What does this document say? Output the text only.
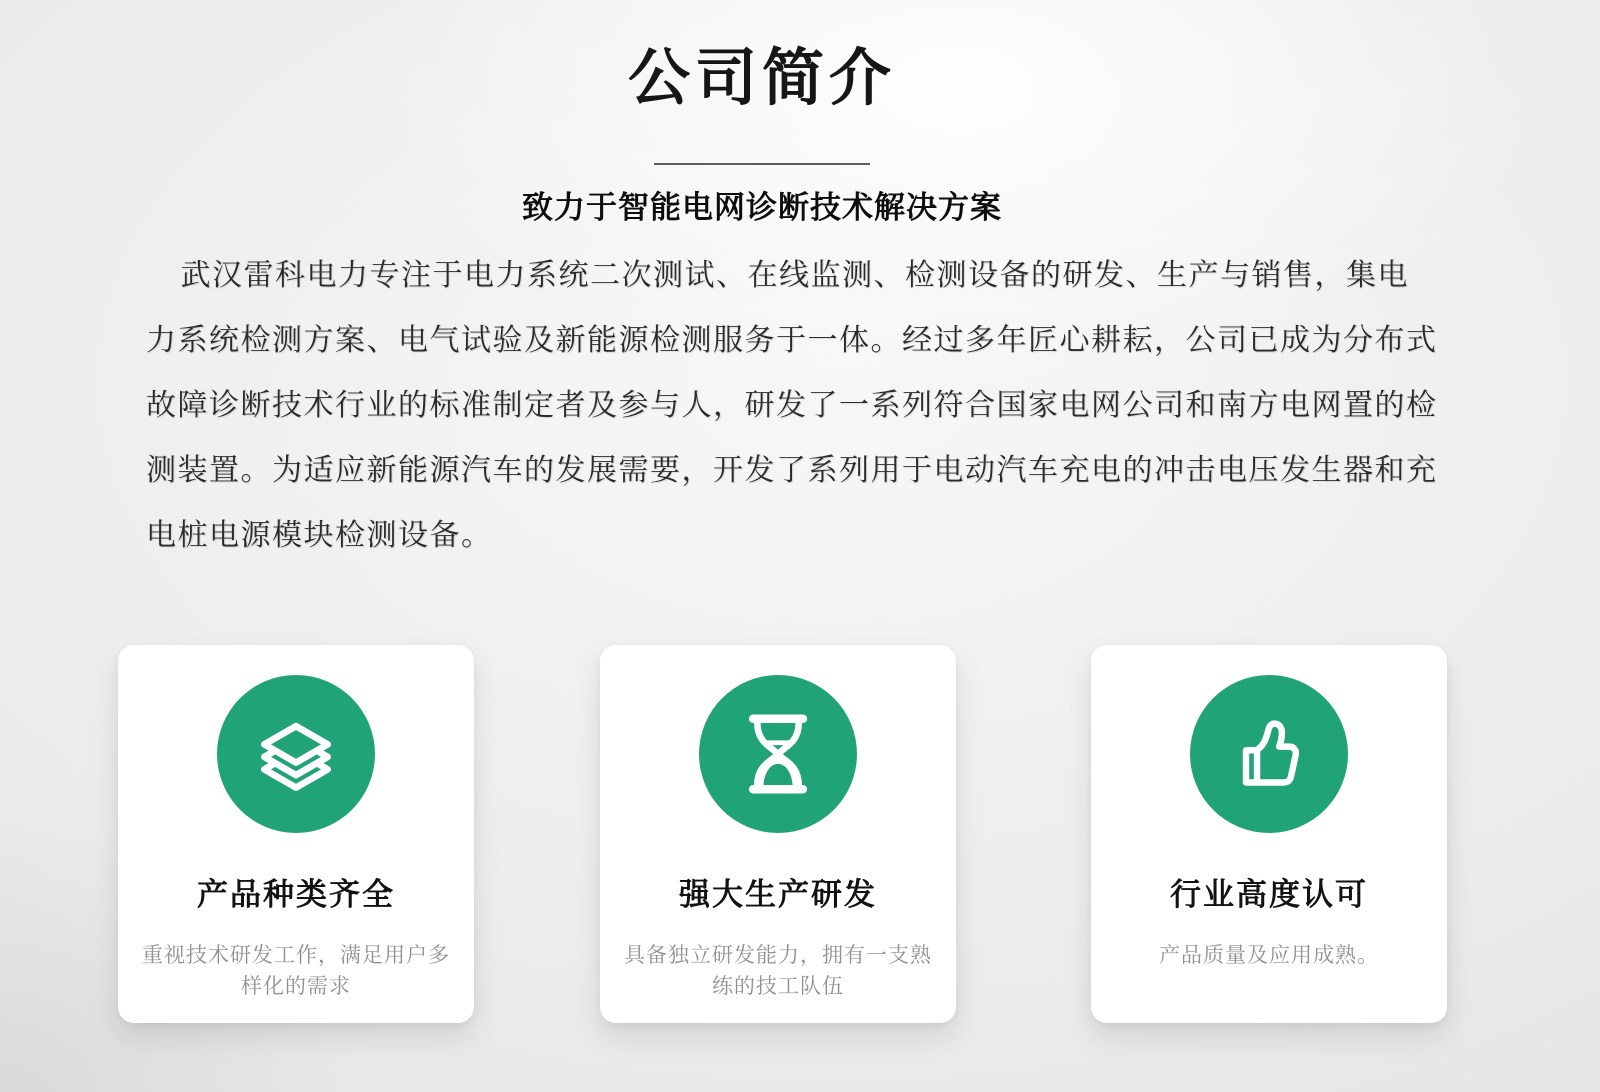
公司简介
致力于智能电网诊断技术解决方案

武汉雷科电力专注于电力系统二次测试、在线监测、检测设备的研发、生产与销售，集电力系统检测方案、电气试验及新能源检测服务于一体。经过多年匠心耕耘，公司已成为分布式故障诊断技术行业的标准制定者及参与人，研发了一系列符合国家电网公司和南方电网置的检测装置。为适应新能源汽车的发展需要，开发了系列用于电动汽车充电的冲击电压发生器和充电桩电源模块检测设备。

产品种类齐全
重视技术研发工作，满足用户多样化的需求
强大生产研发
具备独立研发能力，拥有一支熟练的技工队伍
行业高度认可
产品质量及应用成熟。
